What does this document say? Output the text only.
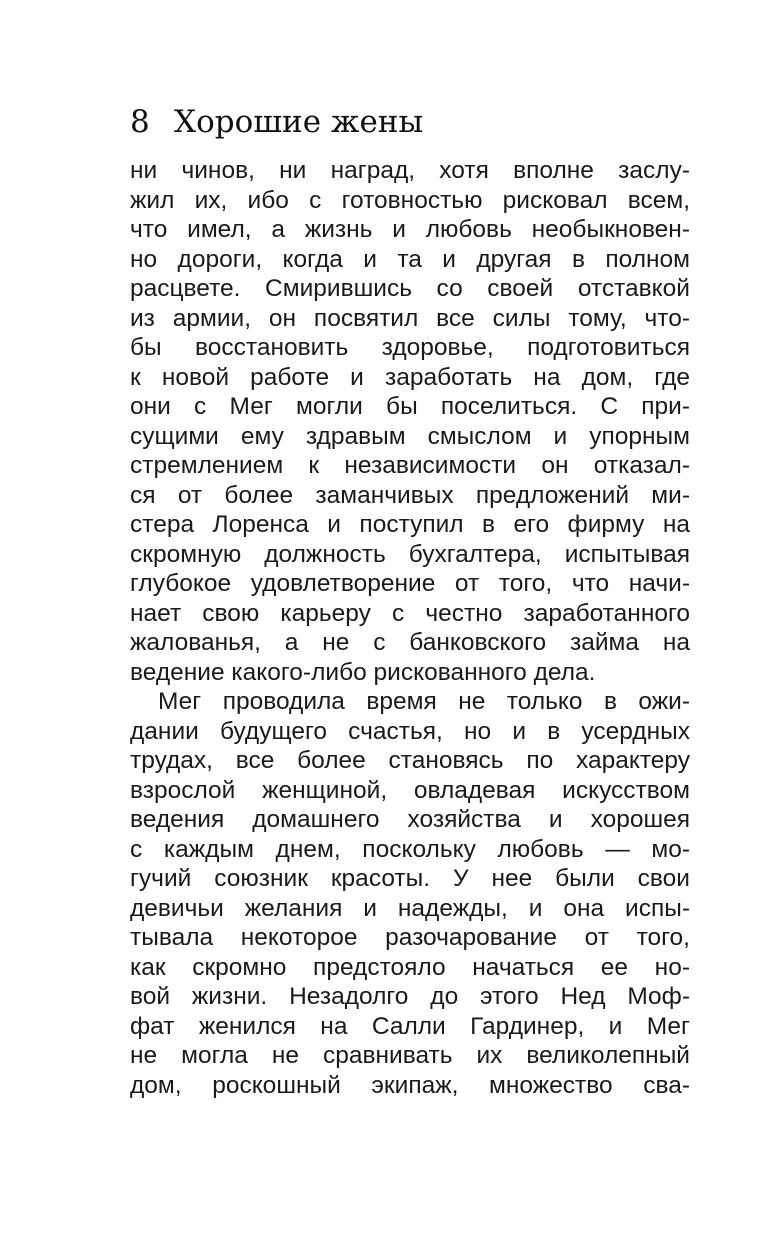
8 Хорошие жены
ни чинов, ни наград, хотя вполне заслу-
жил их, ибо с готовностью рисковал всем,
что имел, а жизнь и любовь необыкновен-
но дороги, когда и та и другая в полном
расцвете. Смирившись со своей отставкой
из армии, он посвятил все силы тому, что-
бы восстановить здоровье, подготовиться
к новой работе и заработать на дом, где
они с Мег могли бы поселиться. С при-
сущими ему здравым смыслом и упорным
стремлением к независимости он отказал-
ся от более заманчивых предложений ми-
стера Лоренса и поступил в его фирму на
скромную должность бухгалтера, испытывая
глубокое удовлетворение от того, что начи-
нает свою карьеру с честно заработанного
жалованья, а не с банковского займа на
ведение какого-либо рискованного дела.
Мег проводила время не только в ожи-
дании будущего счастья, но и в усердных
трудах, все более становясь по характеру
взрослой женщиной, овладевая искусством
ведения домашнего хозяйства и хорошея
с каждым днем, поскольку любовь — мо-
гучий союзник красоты. У нее были свои
девичьи желания и надежды, и она испы-
тывала некоторое разочарование от того,
как скромно предстояло начаться ее но-
вой жизни. Незадолго до этого Нед Моф-
фат женился на Салли Гардинер, и Мег
не могла не сравнивать их великолепный
дом, роскошный экипаж, множество сва-
